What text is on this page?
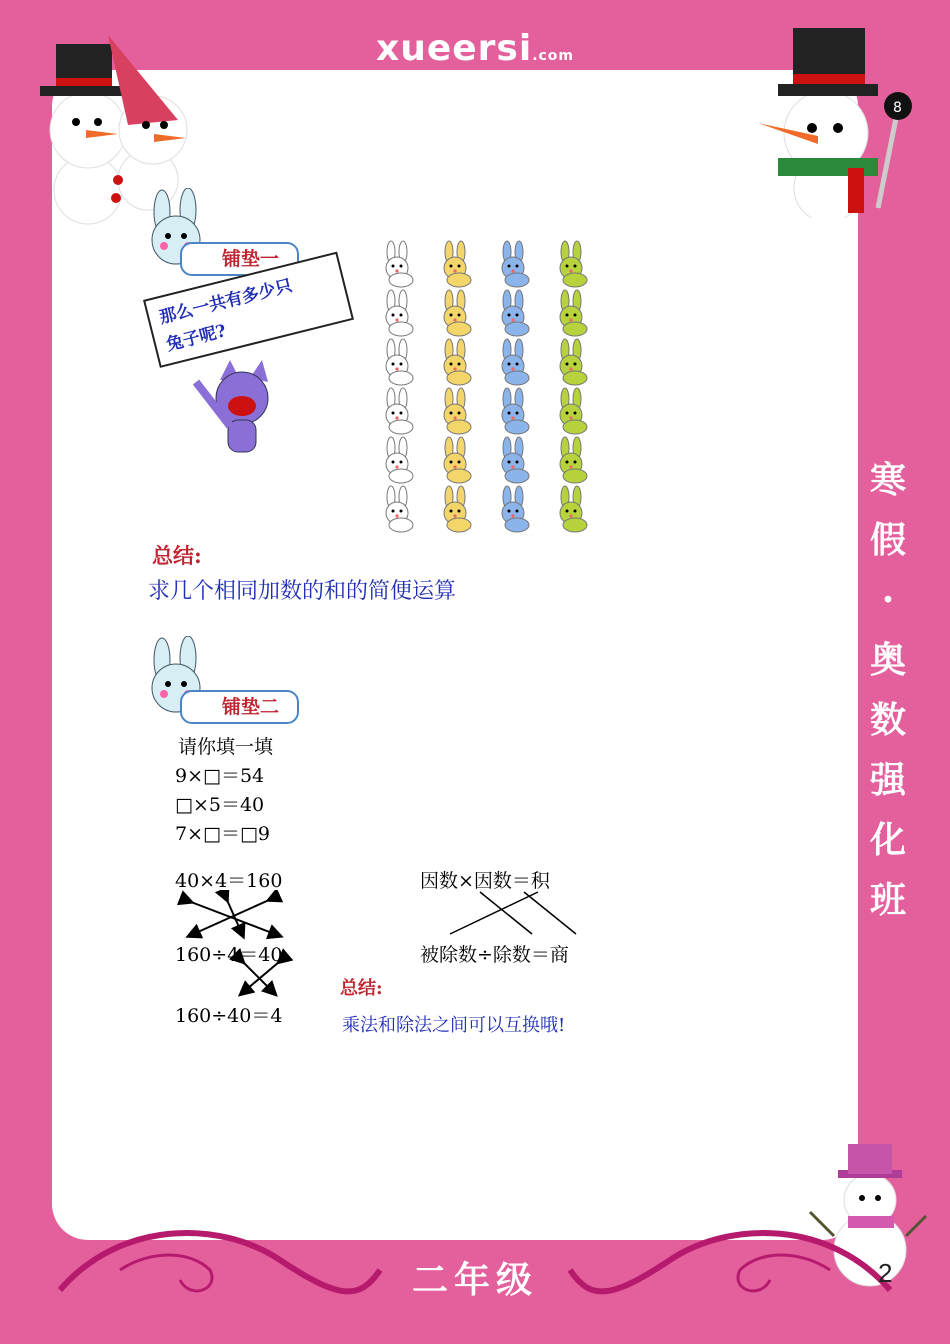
xueersi.com
学而思中小学网校
8
寒
假
·
奥
数
强
化
班
二年级	2
铺垫一
那么一共有多少只
兔子呢?
总结:
求几个相同加数的和的简便运算
铺垫二
请你填一填
9×□＝54
□×5＝40
7×□＝□9
40×4＝160
160÷4＝40
160÷40＝4
因数×因数＝积
被除数÷除数＝商
总结:
乘法和除法之间可以互换哦!
